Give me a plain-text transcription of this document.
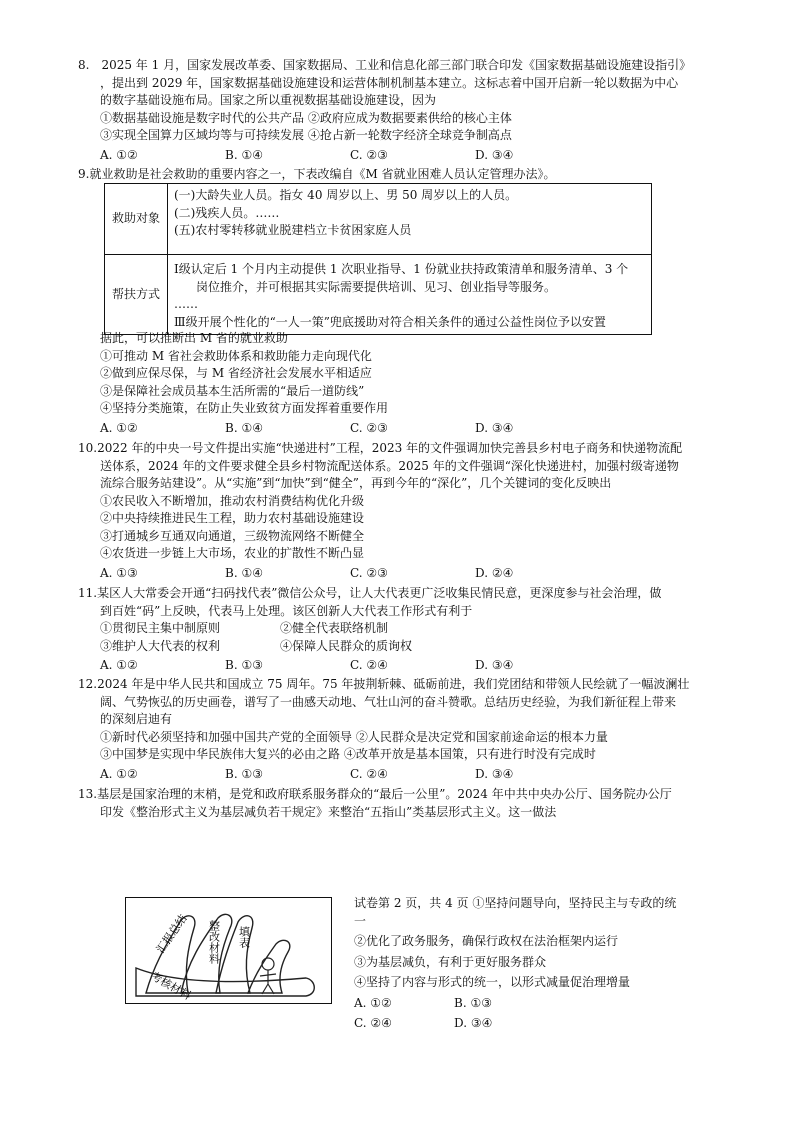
8.　2025 年 1 月，国家发展改革委、国家数据局、工业和信息化部三部门联合印发《国家数据基础设施建设指引》
，提出到 2029 年，国家数据基础设施建设和运营体制机制基本建立。这标志着中国开启新一轮以数据为中心
的数字基础设施布局。国家之所以重视数据基础设施建设，因为
①数据基础设施是数字时代的公共产品 ②政府应成为数据要素供给的核心主体
③实现全国算力区域均等与可持续发展 ④抢占新一轮数字经济全球竞争制高点
A. ①②	B. ①④	C. ②③	D. ③④
9.就业救助是社会救助的重要内容之一，下表改编自《M 省就业困难人员认定管理办法》。
救助对象	(一)大龄失业人员。指女 40 周岁以上、男 50 周岁以上的人员。
(二)残疾人员。……
(五)农村零转移就业脱建档立卡贫困家庭人员

帮扶方式	Ⅰ级认定后 1 个月内主动提供 1 次职业指导、1 份就业扶持政策清单和服务清单、3 个
岗位推介，并可根据其实际需要提供培训、见习、创业指导等服务。
……
Ⅲ级开展个性化的“一人一策”兜底援助对符合相关条件的通过公益性岗位予以安置
据此，可以推断出 M 省的就业救助
①可推动 M 省社会救助体系和救助能力走向现代化
②做到应保尽保，与 M 省经济社会发展水平相适应
③是保障社会成员基本生活所需的“最后一道防线”
④坚持分类施策，在防止失业致贫方面发挥着重要作用
A. ①②	B. ①④	C. ②③	D. ③④
10.2022 年的中央一号文件提出实施“快递进村”工程，2023 年的文件强调加快完善县乡村电子商务和快递物流配
送体系，2024 年的文件要求健全县乡村物流配送体系。2025 年的文件强调“深化快递进村，加强村级寄递物
流综合服务站建设”。从“实施”到“加快”到“健全”，再到今年的“深化”，几个关键词的变化反映出
①农民收入不断增加，推动农村消费结构优化升级
②中央持续推进民生工程，助力农村基础设施建设
③打通城乡互通双向通道，三级物流网络不断健全
④农货进一步链上大市场，农业的扩散性不断凸显
A. ①③	B. ①④	C. ②③	D. ②④
11.某区人大常委会开通“扫码找代表”微信公众号，让人大代表更广泛收集民情民意，更深度参与社会治理，做
到百姓“码”上反映，代表马上处理。该区创新人大代表工作形式有利于
①贯彻民主集中制原则	②健全代表联络机制
③维护人大代表的权利	④保障人民群众的质询权
A. ①②	B. ①③	C. ②④	D. ③④
12.2024 年是中华人民共和国成立 75 周年。75 年披荆斩棘、砥砺前进，我们党团结和带领人民绘就了一幅波澜壮
阔、气势恢弘的历史画卷，谱写了一曲感天动地、气壮山河的奋斗赞歌。总结历史经验，为我们新征程上带来
的深刻启迪有
①新时代必须坚持和加强中国共产党的全面领导 ②人民群众是决定党和国家前途命运的根本力量
③中国梦是实现中华民族伟大复兴的必由之路 ④改革开放是基本国策，只有进行时没有完成时
A. ①②	B. ①③	C. ②④	D. ③④
13.基层是国家治理的末梢，是党和政府联系服务群众的“最后一公里”。2024 年中共中央办公厅、国务院办公厅
印发《整治形式主义为基层减负若干规定》来整治“五指山”类基层形式主义。这一做法
汇报总结 整改材料 填表
考核材料
试卷第 2 页，共 4 页 ①坚持问题导向，坚持民主与专政的统
一
②优化了政务服务，确保行政权在法治框架内运行
③为基层减负，有利于更好服务群众
④坚持了内容与形式的统一，以形式减量促治理增量
A. ①②	B. ①③
C. ②④	D. ③④
